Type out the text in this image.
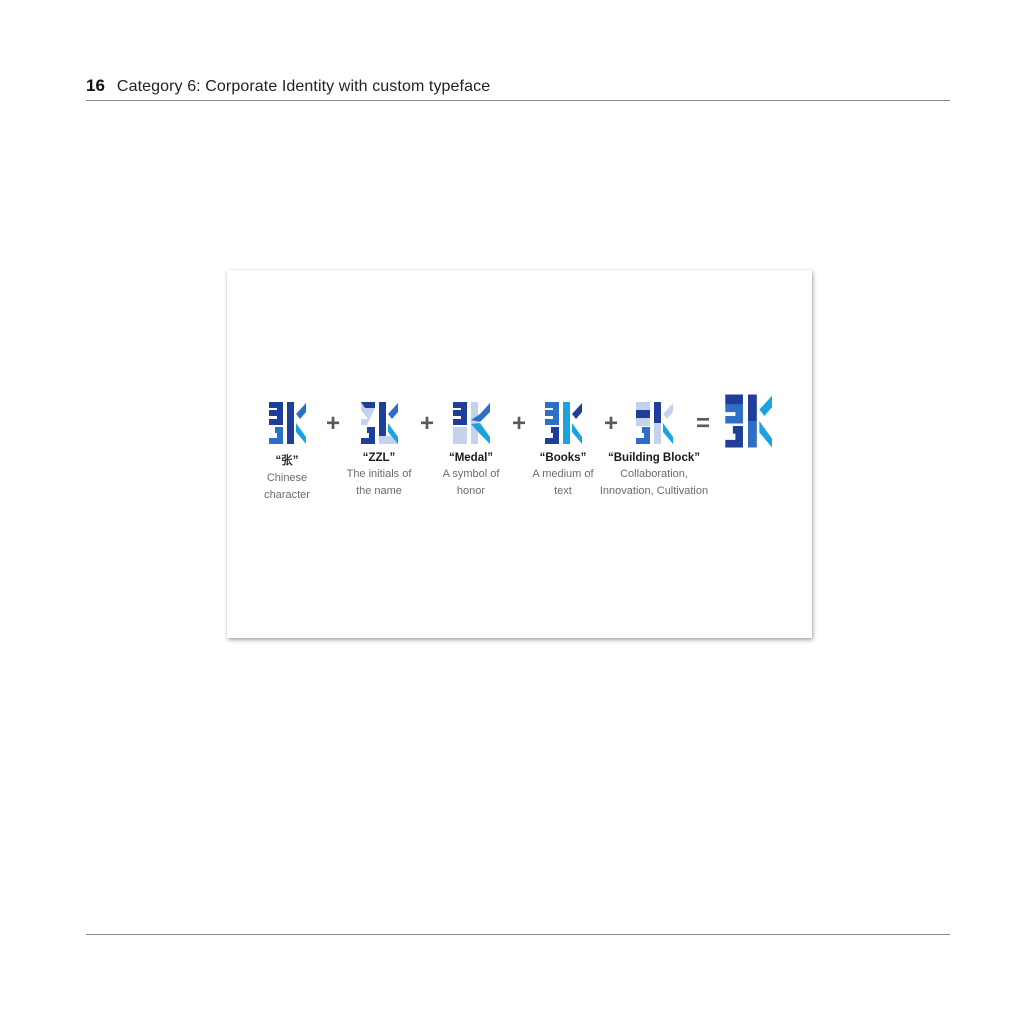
16 Category 6: Corporate Identity with custom typeface
“张”
Chinese
character
+
“ZZL”
The initials of
the name
+
“Medal”
A symbol of
honor
+
“Books”
A medium of
text
+
“Building Block”
Collaboration,
Innovation, Cultivation
=
